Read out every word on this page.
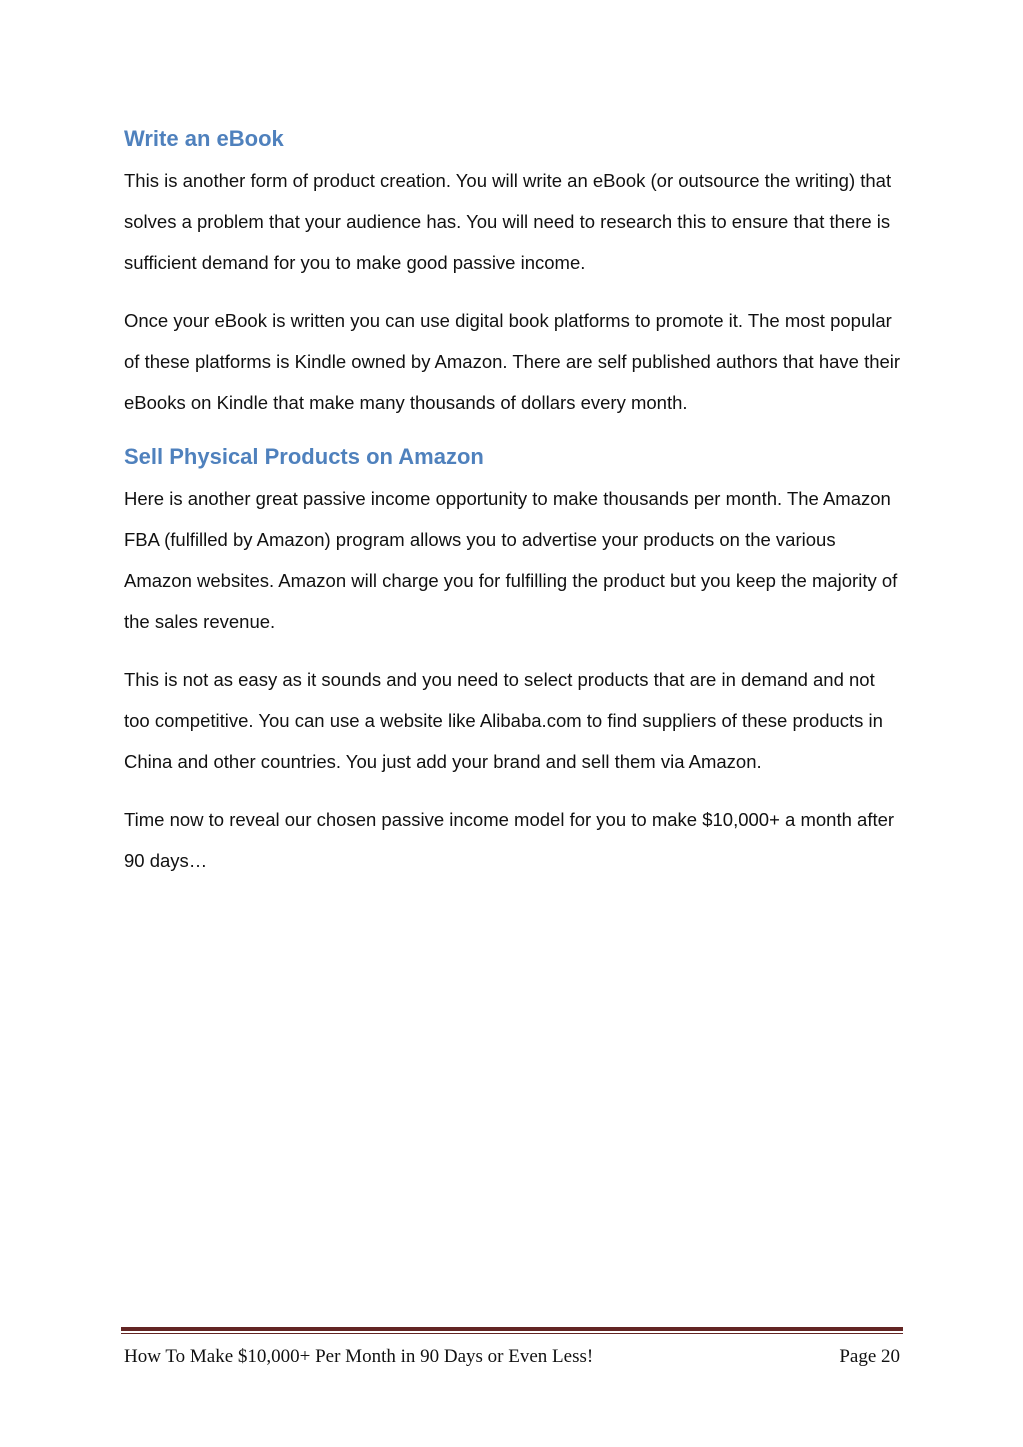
Write an eBook

This is another form of product creation. You will write an eBook (or outsource the writing) that solves a problem that your audience has. You will need to research this to ensure that there is sufficient demand for you to make good passive income.

Once your eBook is written you can use digital book platforms to promote it. The most popular of these platforms is Kindle owned by Amazon. There are self published authors that have their eBooks on Kindle that make many thousands of dollars every month.

Sell Physical Products on Amazon

Here is another great passive income opportunity to make thousands per month. The Amazon FBA (fulfilled by Amazon) program allows you to advertise your products on the various Amazon websites. Amazon will charge you for fulfilling the product but you keep the majority of the sales revenue.

This is not as easy as it sounds and you need to select products that are in demand and not too competitive. You can use a website like Alibaba.com to find suppliers of these products in China and other countries. You just add your brand and sell them via Amazon.

Time now to reveal our chosen passive income model for you to make $10,000+ a month after 90 days…

How To Make $10,000+ Per Month in 90 Days or Even Less!	Page 20
